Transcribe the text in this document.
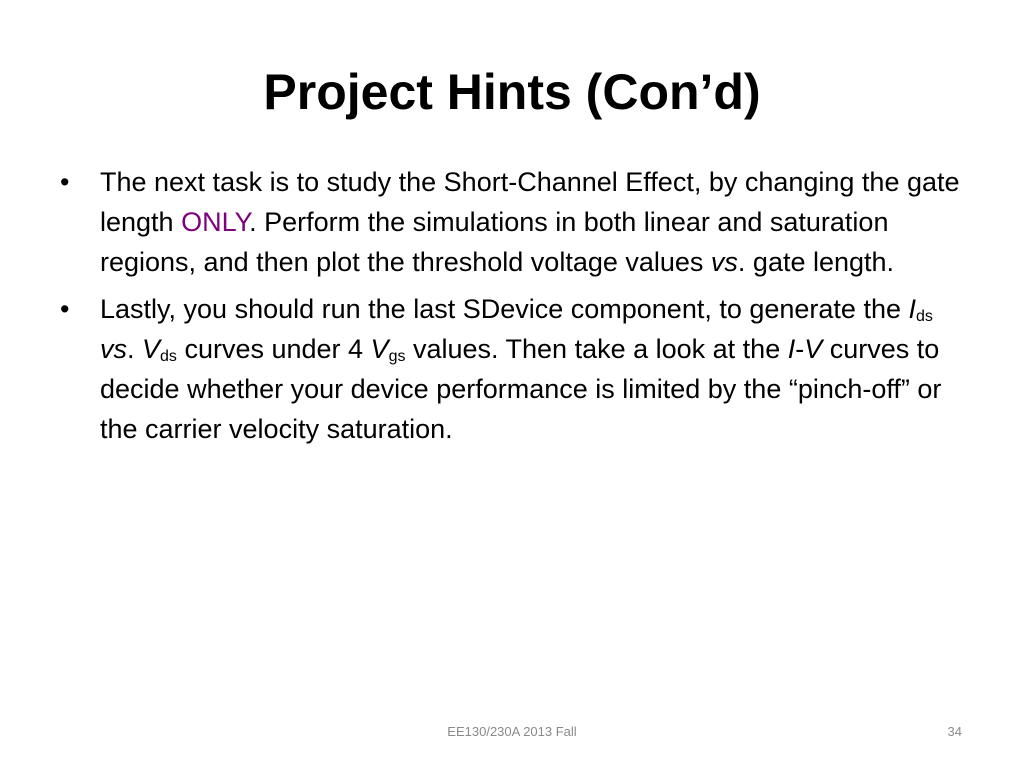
Project Hints (Con’d)
•	The next task is to study the Short-Channel Effect, by changing the gate length ONLY. Perform the simulations in both linear and saturation regions, and then plot the threshold voltage values vs. gate length.
•	Lastly, you should run the last SDevice component, to generate the $I_{ds}$ vs. $V_{ds}$ curves under 4 $V_{gs}$ values. Then take a look at the I-V curves to decide whether your device performance is limited by the “pinch-off” or the carrier velocity saturation.
EE130/230A 2013 Fall	34
